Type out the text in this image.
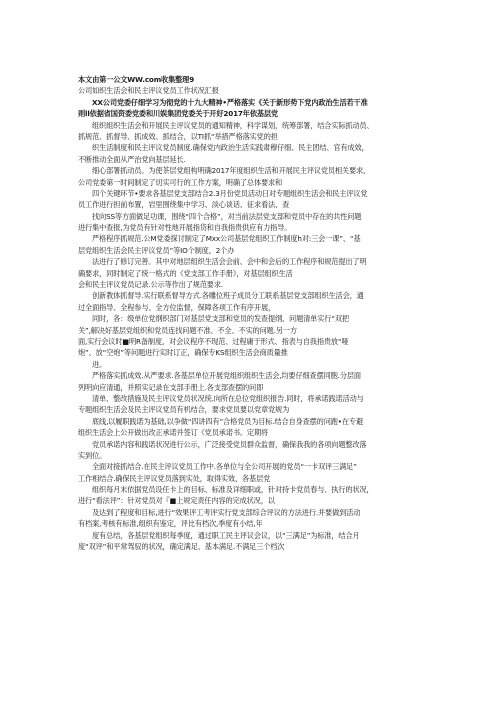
本文由第一公文WW.com收集整理9
公司如织生活会和民主评议党员工作状况汇报
XX公司党委仔细学习为彻党的十九大精神•严格落实《关于新形势下党内政治生活若干准
则ll依据省国资委党委和川娱集团党委关于开好2017年依基层党
组织组织生活会和开展民主评议党员的通知精神，科学谋划，统筹部署，结合实际抓动员、
抓规范、抓督导、抓成效、抓结合，以TI抓“举措严格落实党的担
织生活制度和民主评议党员制度.确保党内政治生活实践肃穆仔细、民主团结、官有成效，
不断推动全面从严治党向基层延长.
细心部署抓动员。为使茶层党组构明确2017年度组织生活和开展民主评议党员相关要求，
公司党委第一时间制定了切实可行的工作方案，明确了总体要求和
四个关键环节•要求各基层党支部结合2.3月份党员活动日对专题组织生活会和民主评议党
员工作进行担前布置，岩里围绕集中学习、淡心谈话、征求看法、查
找向SS等方面做足功课，围绕“四个合格”，对当前法层党支部和党员中存在的共性问题
进行集中查报,为党员有针对性地开展指货和自我指贵供应有力指导。
严格程序抓规范.公M党委探讨制定了Mxx公司基层党组织工作制度h对:三会一课”、“基
层党组织生活会民主评议党员”等IO个制度，2个办
法进行了修订完善。其中对地层组织生活会会前、会中和会后的工作程序和规范提出了明
确要求，同时制定了统一格式的《党支部工作手册》，对基层组织生活
会和民主评议党员记录.公示等作出了规范要求.
创新教体抓督导.实行联系督导方式.各雕位班子成员分工联系基层党支部组织生活会，通
过全面指导、全程参与、全方位监督，保障各项工作有序开展，
同时，各：级单位党纲织部门对基层党支部和党员的发查提纲、问题清单实行“双把
关”,解决好基层党组织和党员连找问题不准、不全、不实的问题.另一方
面,实行会议时■明R备制度，对会议程序不现范、过程庸于形式、指表与自我指贵放“哑
炮”、放“空炮”等问题进行实时订正，确保专KS组织生活会商质量推
进。
严格落实抓成效.从严要求.各基层单位开展党组织组织生活会,均要仔细查摆同胞.分层面
列明向应清通，并照实记录在支部手册上.各支部查摆的问即
清单、整改措施及民主评议党员状况统.向所在总位党组织报告.同时，将承诺践诺活动与
专题组织生活会及民主评议党员有机结合，要求党员要以党章党规为
底线,以履职践诺为基础,以争做“四讲四有”合格党员为目标.结合自身查摆的问跑•在专避
组织生活会上公开做出改正承诺并签订《党员承诺书。定期将
党员承诺内容和践诺状况进行公示，广泛接受党员群众监督，确保我我的各项向题整改落
实到位。
全面对接抓结合.在民主评议党员工作中.各单位与全公司开展的党员“一卡双评三满足”
工作相结合.确保民主评议党员落到实处，取得实效，各基层党
组织每月末依据党员设任卡上的目标、标准及详细职或，针对持卡党员春与、执行的状况，
进行“看法评”：针对党员对『■上规定责任内容的完成状况，以
及达到了程度和目标,进行“效果评工考评实行党支部综合评议的方法进行.并要做到活动
有档案,考核有标准,组织有鉴定，评比有档次,季度有小结,年
度有总结，各基层党组织每季度，通过职工民主评议会议，以“三满足”为标准，结合月
度“双评”和平常驾驭的状况，确定满足、基本满足.不满足三个档次
